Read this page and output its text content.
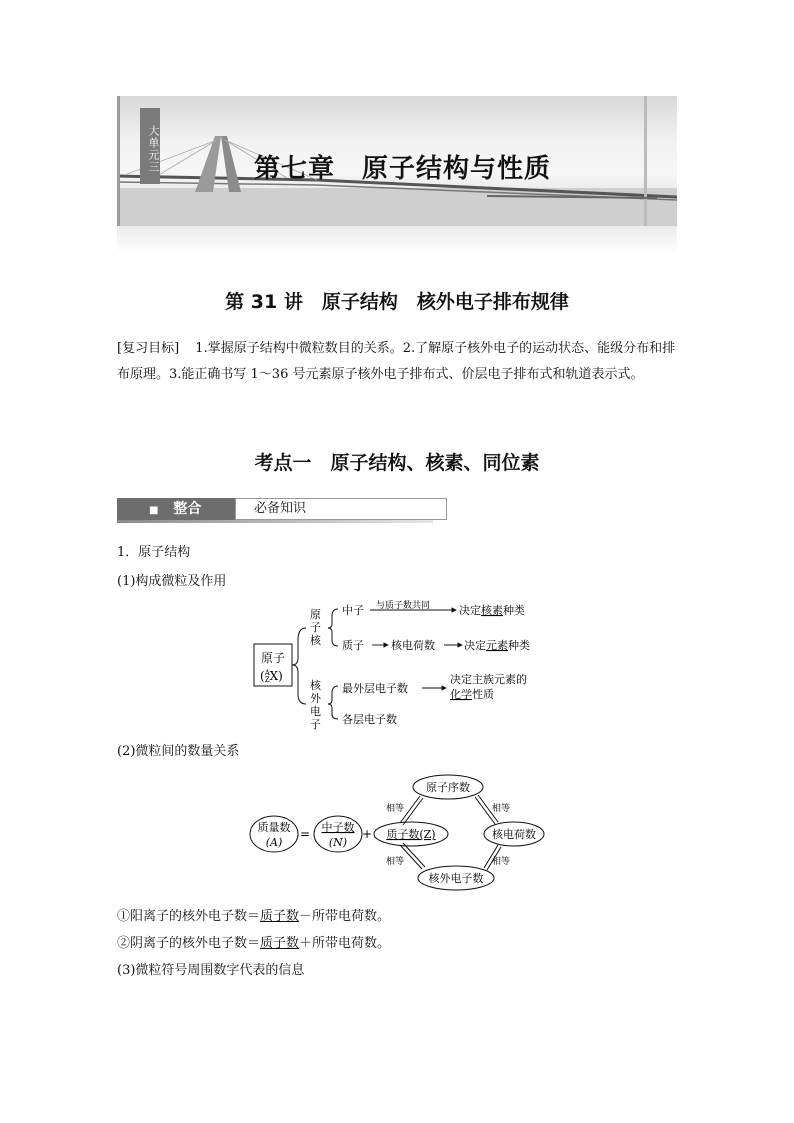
大单元三	第七章　原子结构与性质
第 31 讲　原子结构　核外电子排布规律
[复习目标] 1.掌握原子结构中微粒数目的关系。2.了解原子核外电子的运动状态、能级分布和排布原理。3.能正确书写 1～36 号元素原子核外电子排布式、价层电子排布式和轨道表示式。
考点一　原子结构、核素、同位素
■ 整合	必备知识
1．原子结构
(1)构成微粒及作用
原子
($^A$ ZX)
原
子
核
核
外
电
子
中子 与质子数共同	决定核素种类
质子 核电荷数	决定元素种类
最外层电子数
决定主族元素的
化学性质
各层电子数
(2)微粒间的数量关系
质量数
(A)
= 中子数
(N)
+ 质子数(Z)
原子序数
核电荷数
核外电子数
相等	相等
相等	相等
①阳离子的核外电子数＝质子数－所带电荷数。
②阴离子的核外电子数＝质子数＋所带电荷数。
(3)微粒符号周围数字代表的信息
